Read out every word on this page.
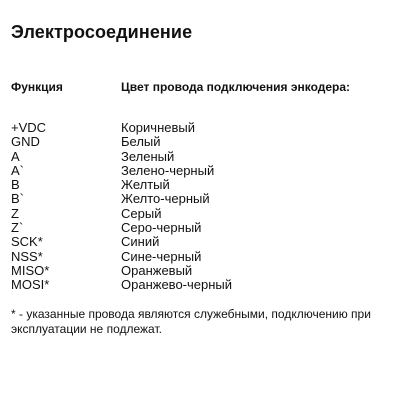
Электросоединение
Функция	Цвет провода подключения энкодера:
+VDC	Коричневый
GND	Белый
A	Зеленый
A`	Зелено-черный
B	Желтый
B`	Желто-черный
Z	Серый
Z`	Серо-черный
SCK*	Синий
NSS*	Сине-черный
MISO*	Оранжевый
MOSI*	Оранжево-черный
* - указанные провода являются служебными, подключению при эксплуатации не подлежат.
